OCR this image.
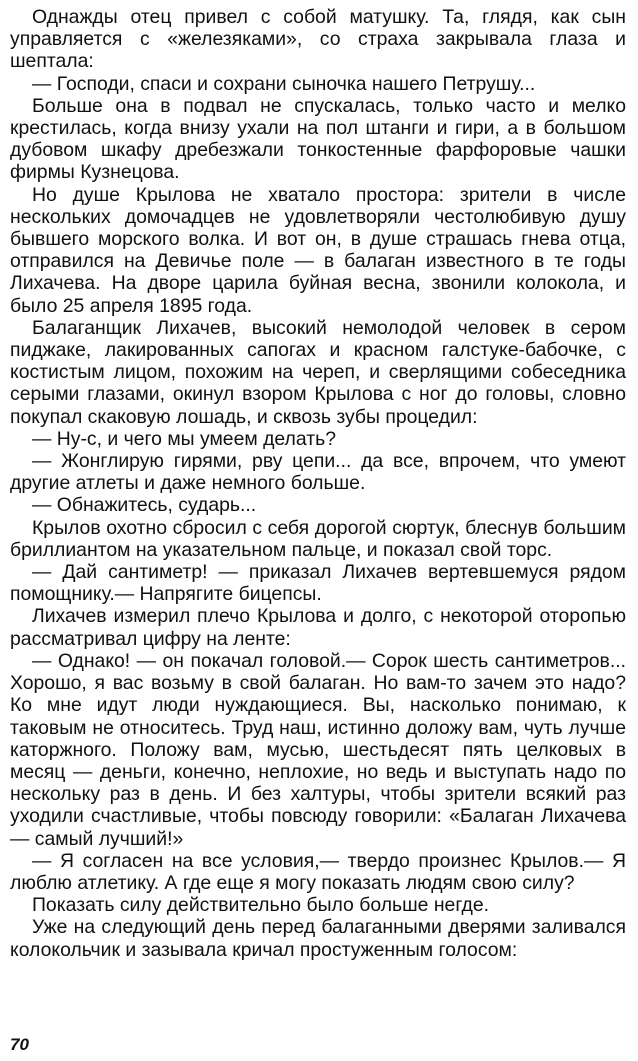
Однажды отец привел с собой матушку. Та, глядя, как сын управляется с «железяками», со страха закрывала глаза и шептала:

— Господи, спаси и сохрани сыночка нашего Петрушу...

Больше она в подвал не спускалась, только часто и мелко крестилась, когда внизу ухали на пол штанги и гири, а в большом дубовом шкафу дребезжали тонкостенные фарфоровые чашки фирмы Кузнецова.

Но душе Крылова не хватало простора: зрители в числе нескольких домочадцев не удовлетворяли честолюбивую душу бывшего морского волка. И вот он, в душе страшась гнева отца, отправился на Девичье поле — в балаган известного в те годы Лихачева. На дворе царила буйная весна, звонили колокола, и было 25 апреля 1895 года.

Балаганщик Лихачев, высокий немолодой человек в сером пиджаке, лакированных сапогах и красном галстуке-бабочке, с костистым лицом, похожим на череп, и сверлящими собеседника серыми глазами, окинул взором Крылова с ног до головы, словно покупал скаковую лошадь, и сквозь зубы процедил:

— Ну-с, и чего мы умеем делать?

— Жонглирую гирями, рву цепи... да все, впрочем, что умеют другие атлеты и даже немного больше.

— Обнажитесь, сударь...

Крылов охотно сбросил с себя дорогой сюртук, блеснув большим бриллиантом на указательном пальце, и показал свой торс.

— Дай сантиметр! — приказал Лихачев вертевшемуся рядом помощнику.— Напрягите бицепсы.

Лихачев измерил плечо Крылова и долго, с некоторой оторопью рассматривал цифру на ленте:

— Однако! — он покачал головой.— Сорок шесть сантиметров... Хорошо, я вас возьму в свой балаган. Но вам-то зачем это надо? Ко мне идут люди нуждающиеся. Вы, насколько понимаю, к таковым не относитесь. Труд наш, истинно доложу вам, чуть лучше каторжного. Положу вам, мусью, шестьдесят пять целковых в месяц — деньги, конечно, неплохие, но ведь и выступать надо по нескольку раз в день. И без халтуры, чтобы зрители всякий раз уходили счастливые, чтобы повсюду говорили: «Балаган Лихачева — самый лучший!»

— Я согласен на все условия,— твердо произнес Крылов.— Я люблю атлетику. А где еще я могу показать людям свою силу?

Показать силу действительно было больше негде.

Уже на следующий день перед балаганными дверями заливался колокольчик и зазывала кричал простуженным голосом:

70
